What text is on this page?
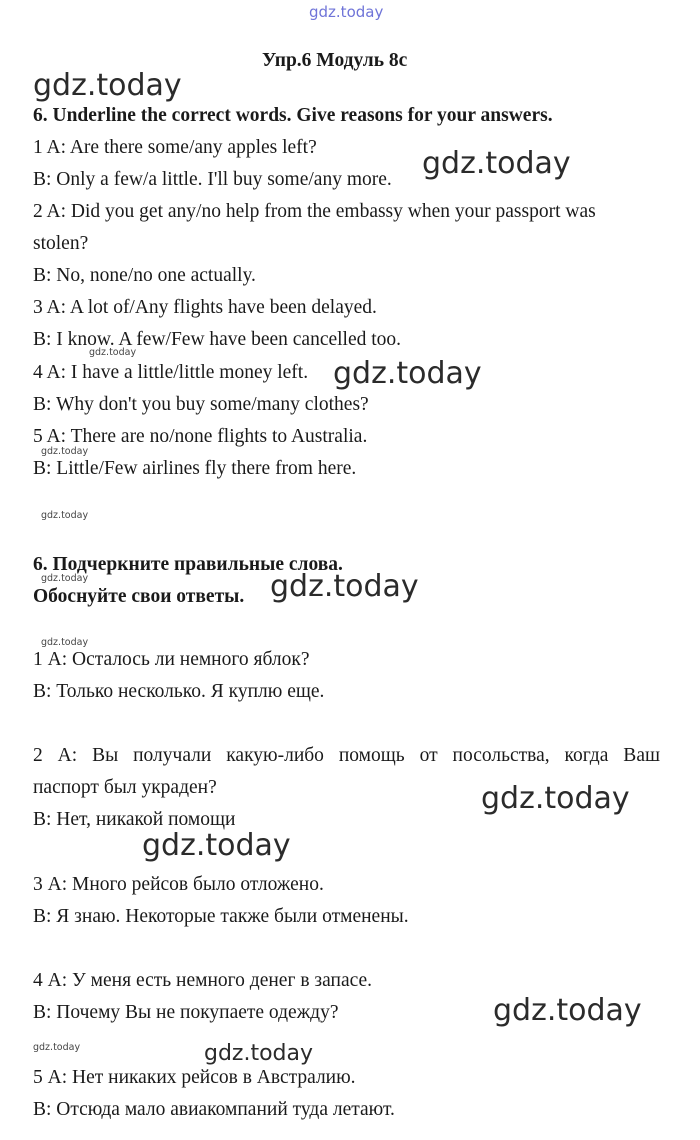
gdz.today
Упр.6 Модуль 8с
6. Underline the correct words. Give reasons for your answers.
1 A: Are there some/any apples left?
B: Only a few/a little. I'll buy some/any more.
2 A: Did you get any/no help from the embassy when your passport was
stolen?
B: No, none/no one actually.
3 A: A lot of/Any flights have been delayed.
B: I know. A few/Few have been cancelled too.
4 A: I have a little/little money left.
B: Why don't you buy some/many clothes?
5 A: There are no/none flights to Australia.
B: Little/Few airlines fly there from here.
6. Подчеркните правильные слова.
Обоснуйте свои ответы.
1 А: Осталось ли немного яблок?
В: Только несколько. Я куплю еще.
2 А: Вы получали какую-либо помощь от посольства, когда Ваш
паспорт был украден?
В: Нет, никакой помощи
3 А: Много рейсов было отложено.
В: Я знаю. Некоторые также были отменены.
4 А: У меня есть немного денег в запасе.
В: Почему Вы не покупаете одежду?
5 А: Нет никаких рейсов в Австралию.
В: Отсюда мало авиакомпаний туда летают.
gdz.today
gdz.today
gdz.today
gdz.today
gdz.today
gdz.today
gdz.today
gdz.today
gdz.today
gdz.today
gdz.today
gdz.today
gdz.today
gdz.today
